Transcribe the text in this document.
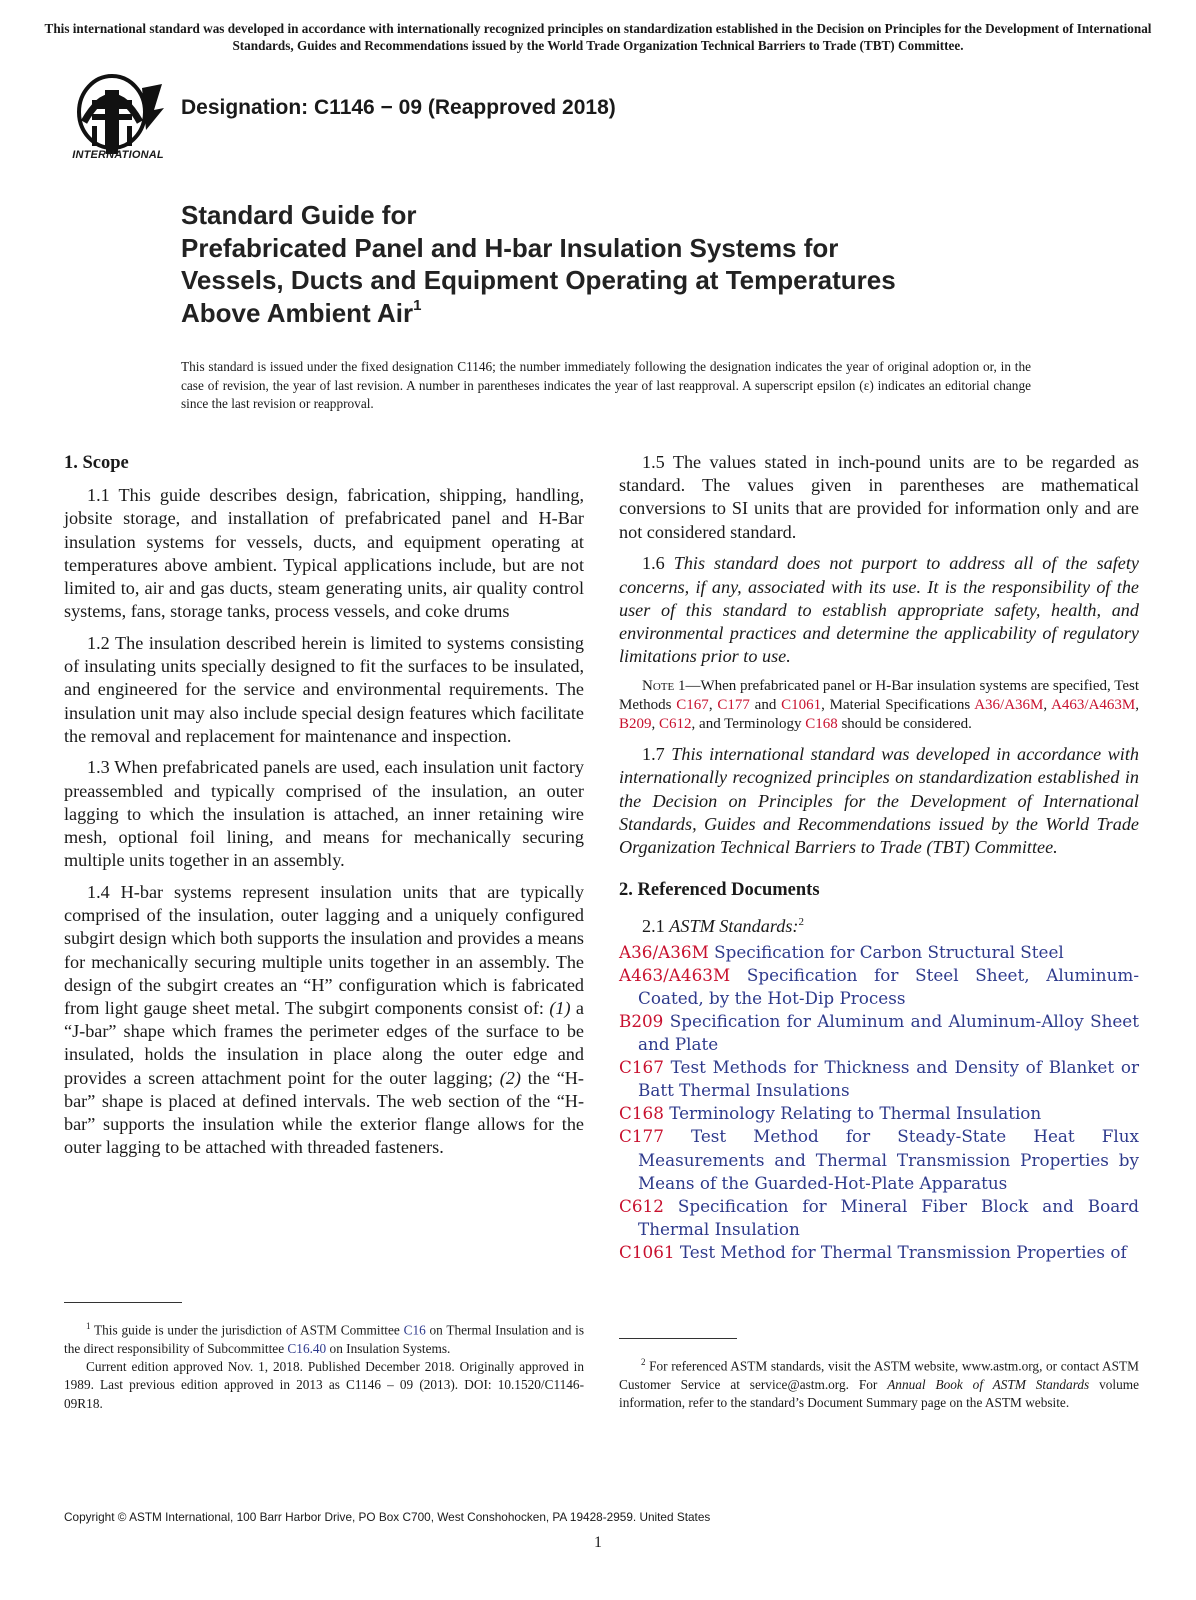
This international standard was developed in accordance with internationally recognized principles on standardization established in the Decision on Principles for the Development of International Standards, Guides and Recommendations issued by the World Trade Organization Technical Barriers to Trade (TBT) Committee.
INTERNATIONAL
Designation: C1146 − 09 (Reapproved 2018)
Standard Guide for
Prefabricated Panel and H-bar Insulation Systems for
Vessels, Ducts and Equipment Operating at Temperatures
Above Ambient Air$^1$
This standard is issued under the fixed designation C1146; the number immediately following the designation indicates the year of original adoption or, in the case of revision, the year of last revision. A number in parentheses indicates the year of last reapproval. A superscript epsilon (ε) indicates an editorial change since the last revision or reapproval.
1. Scope

1.1 This guide describes design, fabrication, shipping, handling, jobsite storage, and installation of prefabricated panel and H-Bar insulation systems for vessels, ducts, and equipment operating at temperatures above ambient. Typical applications include, but are not limited to, air and gas ducts, steam generating units, air quality control systems, fans, storage tanks, process vessels, and coke drums

1.2 The insulation described herein is limited to systems consisting of insulating units specially designed to fit the surfaces to be insulated, and engineered for the service and environmental requirements. The insulation unit may also include special design features which facilitate the removal and replacement for maintenance and inspection.

1.3 When prefabricated panels are used, each insulation unit factory preassembled and typically comprised of the insulation, an outer lagging to which the insulation is attached, an inner retaining wire mesh, optional foil lining, and means for mechanically securing multiple units together in an assembly.

1.4 H-bar systems represent insulation units that are typically comprised of the insulation, outer lagging and a uniquely configured subgirt design which both supports the insulation and provides a means for mechanically securing multiple units together in an assembly. The design of the subgirt creates an “H” configuration which is fabricated from light gauge sheet metal. The subgirt components consist of: (1) a “J-bar” shape which frames the perimeter edges of the surface to be insulated, holds the insulation in place along the outer edge and provides a screen attachment point for the outer lagging; (2) the “H-bar” shape is placed at defined intervals. The web section of the “H-bar” supports the insulation while the exterior flange allows for the outer lagging to be attached with threaded fasteners.

1.5 The values stated in inch-pound units are to be regarded as standard. The values given in parentheses are mathematical conversions to SI units that are provided for information only and are not considered standard.

1.6 This standard does not purport to address all of the safety concerns, if any, associated with its use. It is the responsibility of the user of this standard to establish appropriate safety, health, and environmental practices and determine the applicability of regulatory limitations prior to use.

Note 1—When prefabricated panel or H-Bar insulation systems are specified, Test Methods C167, C177 and C1061, Material Specifications A36/A36M, A463/A463M, B209, C612, and Terminology C168 should be considered.

1.7 This international standard was developed in accordance with internationally recognized principles on standardization established in the Decision on Principles for the Development of International Standards, Guides and Recommendations issued by the World Trade Organization Technical Barriers to Trade (TBT) Committee.

2. Referenced Documents

2.1 ASTM Standards:$^2$

A36/A36M Specification for Carbon Structural Steel
A463/A463M Specification for Steel Sheet, Aluminum-Coated, by the Hot-Dip Process
B209 Specification for Aluminum and Aluminum-Alloy Sheet and Plate
C167 Test Methods for Thickness and Density of Blanket or Batt Thermal Insulations
C168 Terminology Relating to Thermal Insulation
C177 Test Method for Steady-State Heat Flux Measurements and Thermal Transmission Properties by Means of the Guarded-Hot-Plate Apparatus
C612 Specification for Mineral Fiber Block and Board Thermal Insulation
C1061 Test Method for Thermal Transmission Properties of

$^1$ This guide is under the jurisdiction of ASTM Committee C16 on Thermal Insulation and is the direct responsibility of Subcommittee C16.40 on Insulation Systems.

Current edition approved Nov. 1, 2018. Published December 2018. Originally approved in 1989. Last previous edition approved in 2013 as C1146 – 09 (2013). DOI: 10.1520/C1146-09R18.

$^2$ For referenced ASTM standards, visit the ASTM website, www.astm.org, or contact ASTM Customer Service at service@astm.org. For Annual Book of ASTM Standards volume information, refer to the standard’s Document Summary page on the ASTM website.

Copyright © ASTM International, 100 Barr Harbor Drive, PO Box C700, West Conshohocken, PA 19428-2959. United States
1
